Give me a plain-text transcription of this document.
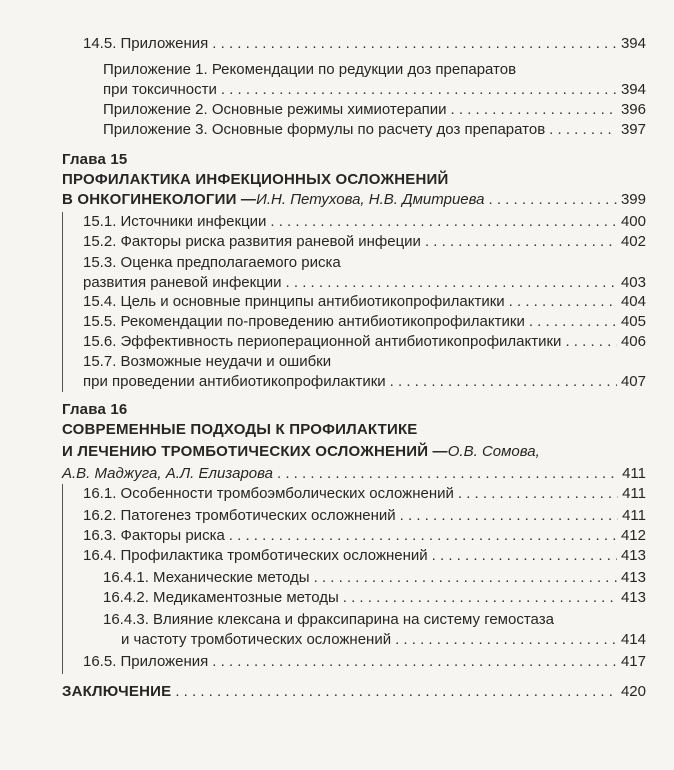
14.5. Приложения . . .	394
Приложение 1. Рекомендации по редукции доз препаратов
при токсичности . . .	394
Приложение 2. Основные режимы химиотерапии . . .	396
Приложение 3. Основные формулы по расчету доз препаратов . . .	397
Глава 15
ПРОФИЛАКТИКА ИНФЕКЦИОННЫХ ОСЛОЖНЕНИЙ
В ОНКОГИНЕКОЛОГИИ — И.Н. Петухова, Н.В. Дмитриева . . .	399
15.1. Источники инфекции . . .	400
15.2. Факторы риска развития раневой инфеции . . .	402
15.3. Оценка предполагаемого риска
развития раневой инфекции . . .	403
15.4. Цель и основные принципы антибиотикопрофилактики . . .	404
15.5. Рекомендации по-проведению антибиотикопрофилактики . . .	405
15.6. Эффективность периоперационной антибиотикопрофилактики . . .	406
15.7. Возможные неудачи и ошибки
при проведении антибиотикопрофилактики . . .	407
Глава 16
СОВРЕМЕННЫЕ ПОДХОДЫ К ПРОФИЛАКТИКЕ
И ЛЕЧЕНИЮ ТРОМБОТИЧЕСКИХ ОСЛОЖНЕНИЙ — О.В. Сомова,
А.В. Маджуга, А.Л. Елизарова . . .	411
16.1. Особенности тромбоэмболических осложнений . . .	411
16.2. Патогенез тромботических осложнений . . .	411
16.3. Факторы риска . . .	412
16.4. Профилактика тромботических осложнений . . .	413
16.4.1. Механические методы . . .	413
16.4.2. Медикаментозные методы . . .	413
16.4.3. Влияние клексана и фраксипарина на систему гемостаза
и частоту тромботических осложнений . . .	414
16.5. Приложения . . .	417
ЗАКЛЮЧЕНИЕ . . .	420
